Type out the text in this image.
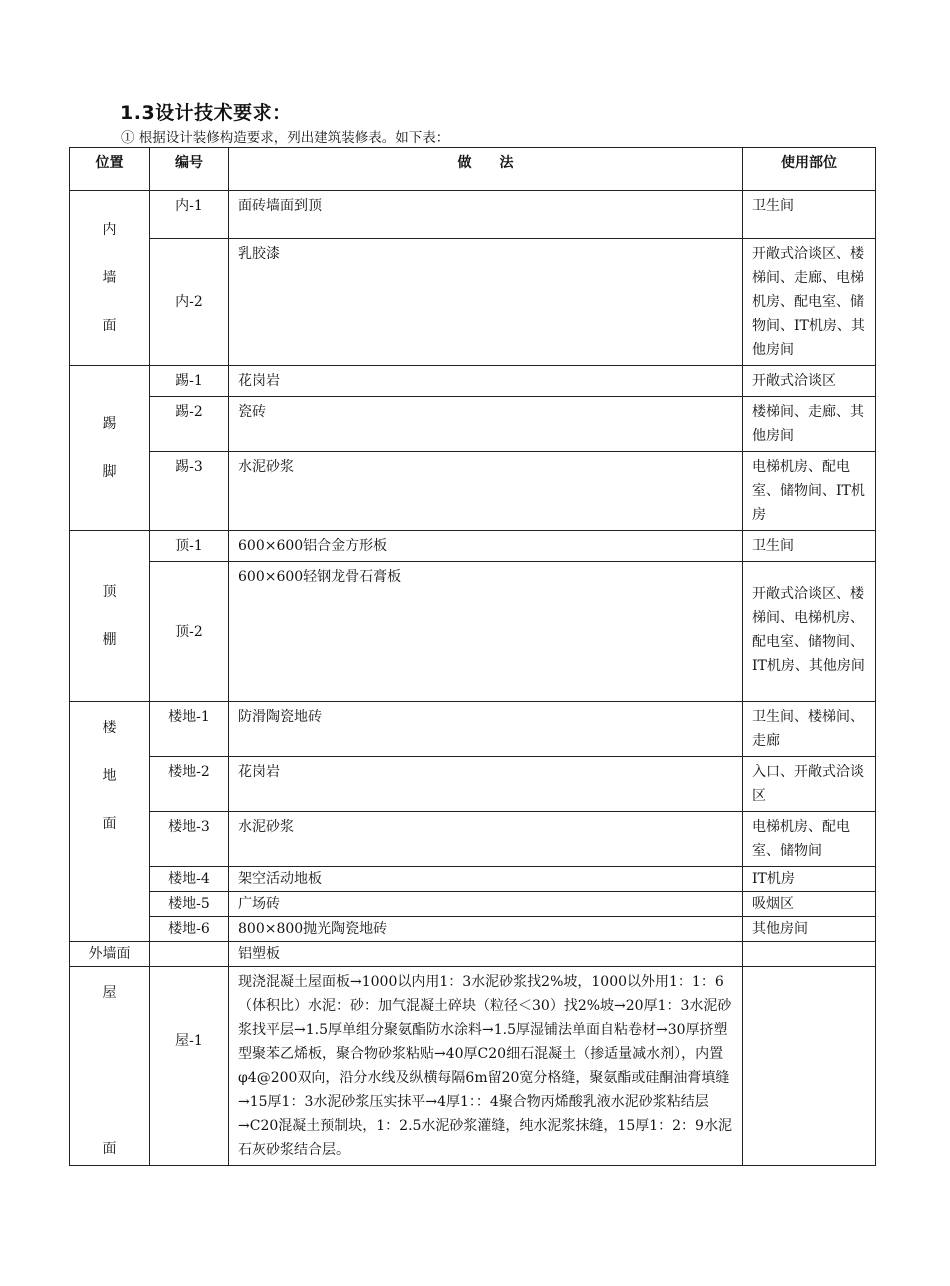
1.3设计技术要求：
① 根据设计装修构造要求，列出建筑装修表。如下表：
位置	编号	做　　法	使用部位

内
墙
面	内-1	面砖墙面到顶	卫生间
	内-2	乳胶漆	开敞式洽谈区、楼梯间、走廊、电梯机房、配电室、储物间、IT机房、其他房间

踢
脚	踢-1	花岗岩	开敞式洽谈区
	踢-2	瓷砖	楼梯间、走廊、其他房间
	踢-3	水泥砂浆	电梯机房、配电室、储物间、IT机房

顶
棚	顶-1	600×600铝合金方形板	卫生间
	顶-2	600×600轻钢龙骨石膏板	开敞式洽谈区、楼梯间、电梯机房、配电室、储物间、IT机房、其他房间

楼
地
面	楼地-1	防滑陶瓷地砖	卫生间、楼梯间、走廊
	楼地-2	花岗岩	入口、开敞式洽谈区
	楼地-3	水泥砂浆	电梯机房、配电室、储物间
	楼地-4	架空活动地板	IT机房
	楼地-5	广场砖	吸烟区
	楼地-6	800×800抛光陶瓷地砖	其他房间
外墙面		铝塑板	

屋
面	屋-1	现浇混凝土屋面板→1000以内用1：3水泥砂浆找2%坡，1000以外用1：1：6（体积比）水泥：砂：加气混凝土碎块（粒径＜30）找2%坡→20厚1：3水泥砂浆找平层→1.5厚单组分聚氨酯防水涂料→1.5厚湿铺法单面自粘卷材→30厚挤塑型聚苯乙烯板，聚合物砂浆粘贴→40厚C20细石混凝土（掺适量减水剂），内置φ4@200双向，沿分水线及纵横每隔6m留20宽分格缝，聚氨酯或硅酮油膏填缝→15厚1：3水泥砂浆压实抹平→4厚1：：4聚合物丙烯酸乳液水泥砂浆粘结层→C20混凝土预制块，1：2.5水泥砂浆灌缝，纯水泥浆抹缝，15厚1：2：9水泥石灰砂浆结合层。	
